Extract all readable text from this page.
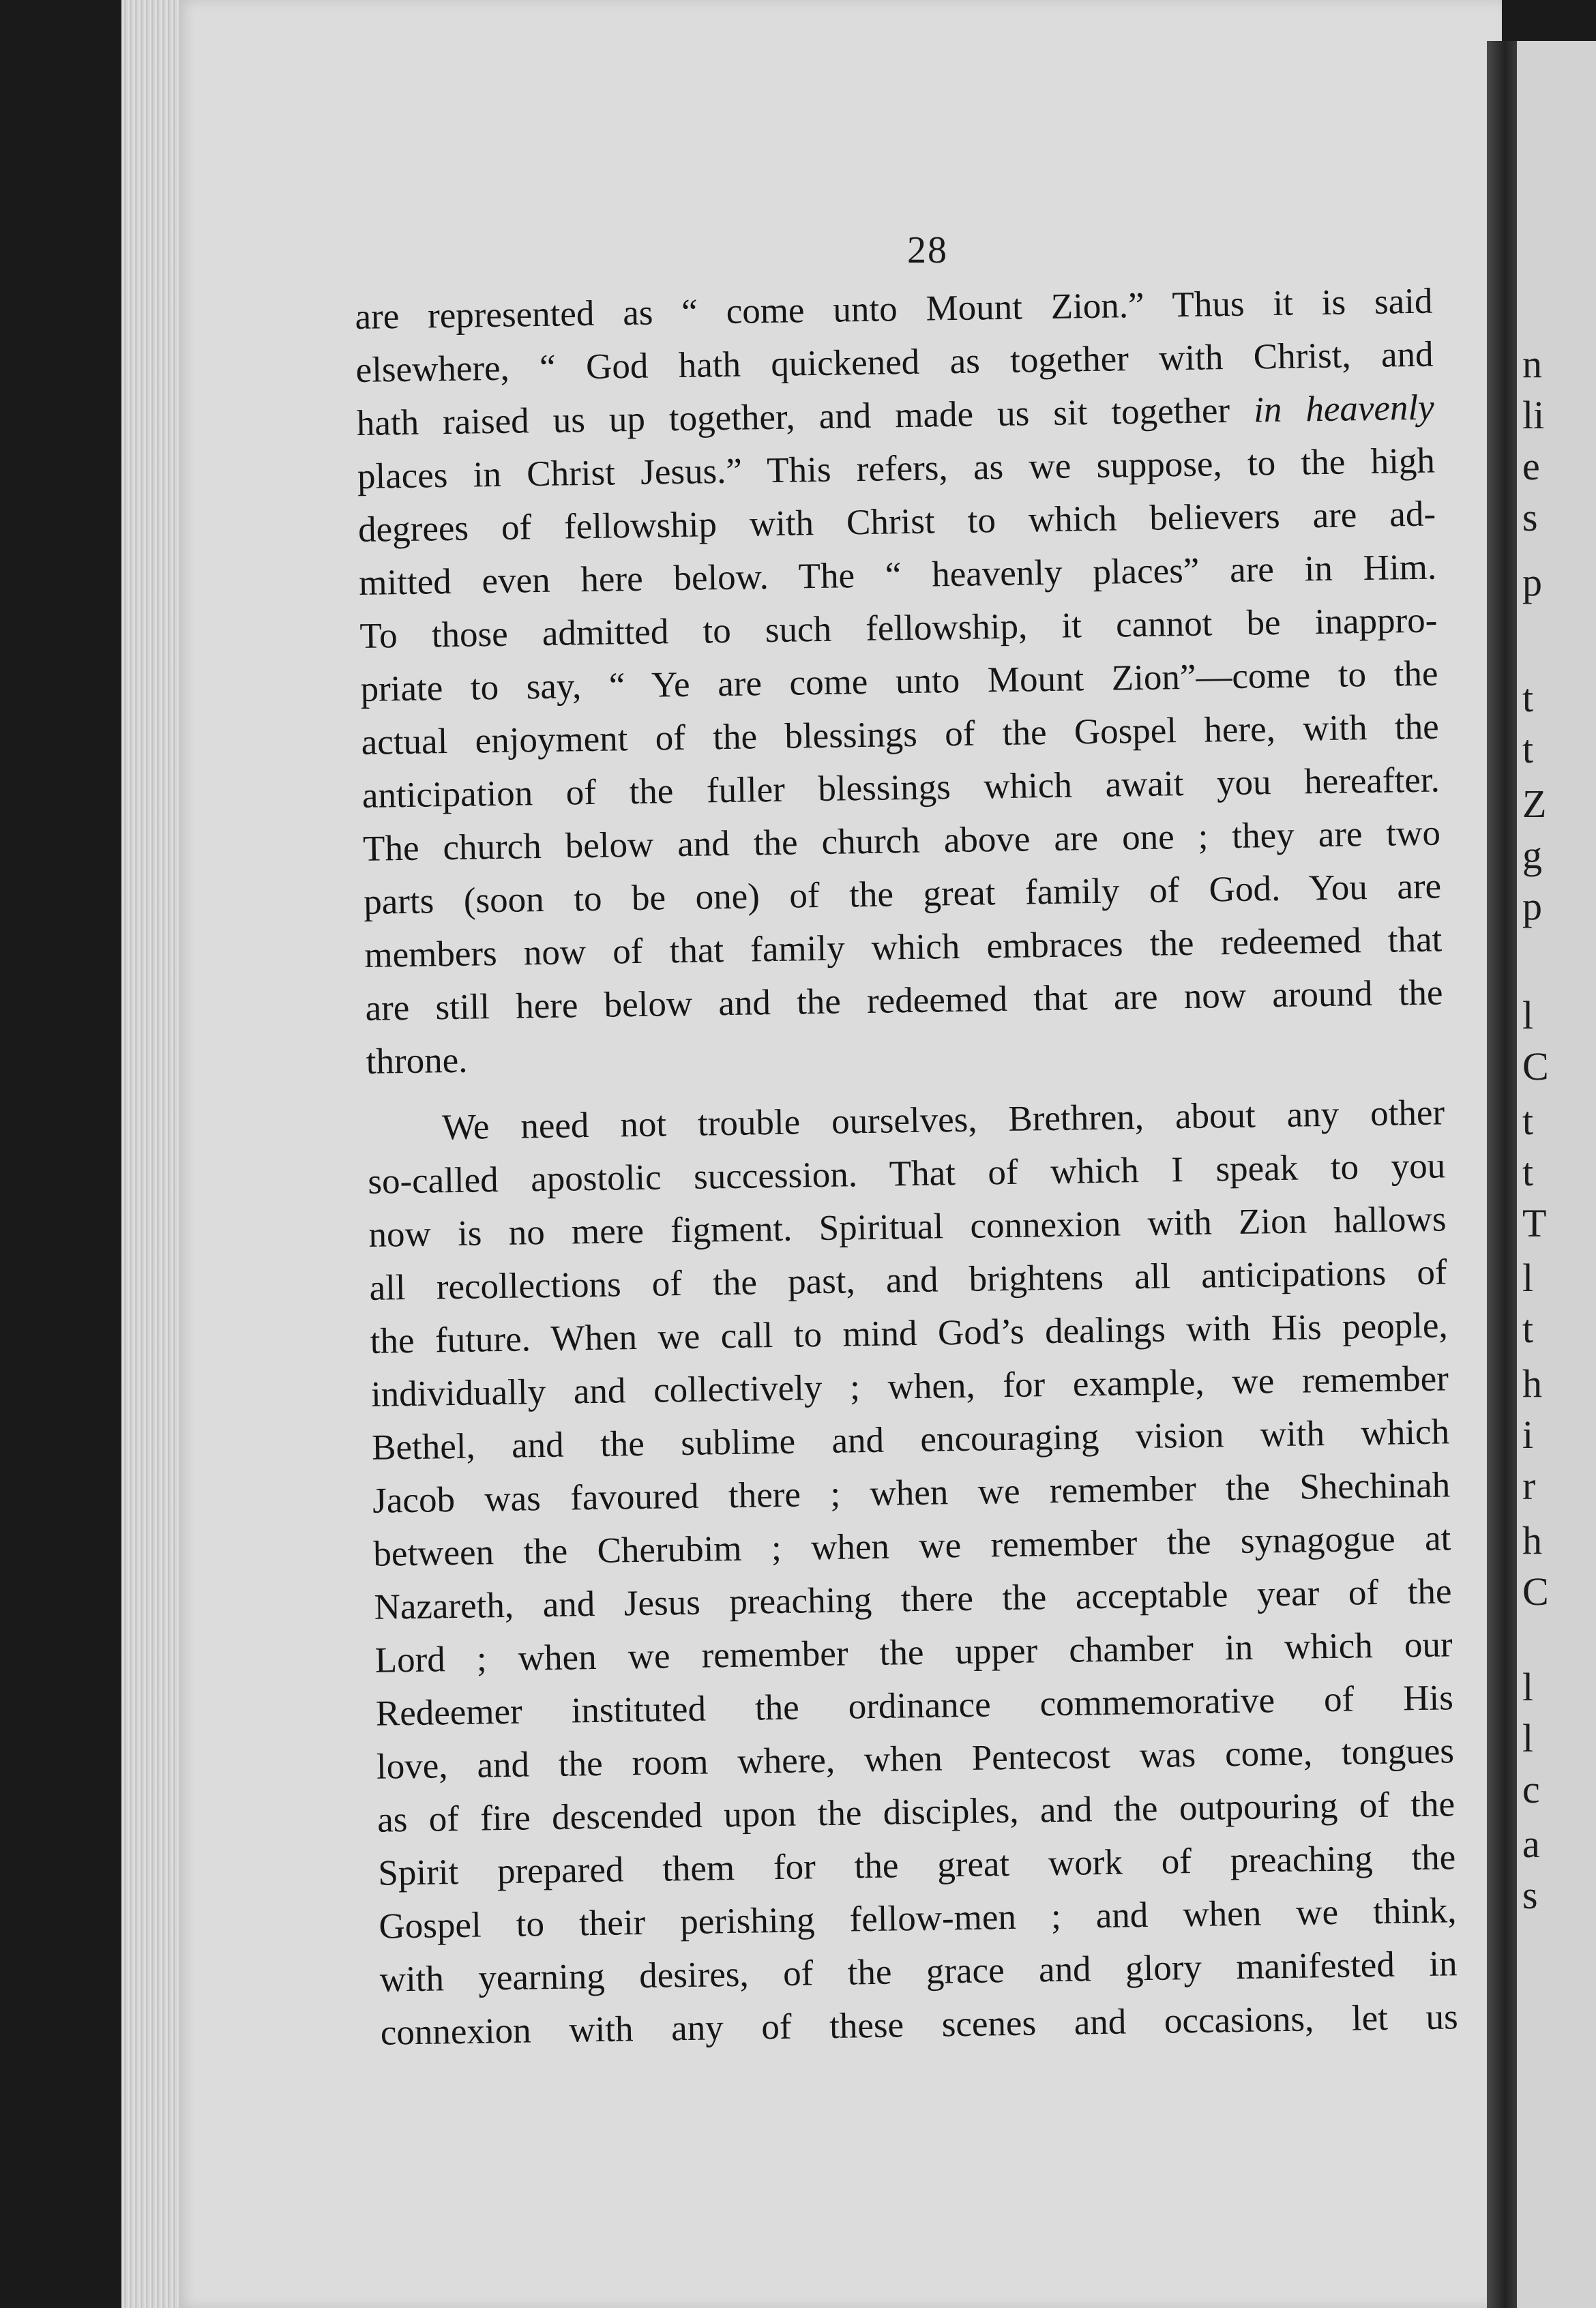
28
are represented as “ come unto Mount Zion.” Thus it is said
elsewhere, “ God hath quickened as together with Christ, and
hath raised us up together, and made us sit together in heavenly
places in Christ Jesus.” This refers, as we suppose, to the high
degrees of fellowship with Christ to which believers are ad-
mitted even here below. The “ heavenly places” are in Him.
To those admitted to such fellowship, it cannot be inappro-
priate to say, “ Ye are come unto Mount Zion”—come to the
actual enjoyment of the blessings of the Gospel here, with the
anticipation of the fuller blessings which await you hereafter.
The church below and the church above are one ; they are two
parts (soon to be one) of the great family of God. You are
members now of that family which embraces the redeemed that
are still here below and the redeemed that are now around the
throne.
We need not trouble ourselves, Brethren, about any other
so-called apostolic succession. That of which I speak to you
now is no mere figment. Spiritual connexion with Zion hallows
all recollections of the past, and brightens all anticipations of
the future. When we call to mind God’s dealings with His people,
individually and collectively ; when, for example, we remember
Bethel, and the sublime and encouraging vision with which
Jacob was favoured there ; when we remember the Shechinah
between the Cherubim ; when we remember the synagogue at
Nazareth, and Jesus preaching there the acceptable year of the
Lord ; when we remember the upper chamber in which our
Redeemer instituted the ordinance commemorative of His
love, and the room where, when Pentecost was come, tongues
as of fire descended upon the disciples, and the outpouring of the
Spirit prepared them for the great work of preaching the
Gospel to their perishing fellow-men ; and when we think,
with yearning desires, of the grace and glory manifested in
connexion with any of these scenes and occasions, let us
n
li
e
s
p
t
t
Z
g
p
l
C
t
t
T
l
t
h
i
r
h
C
l
l
c
a
s
